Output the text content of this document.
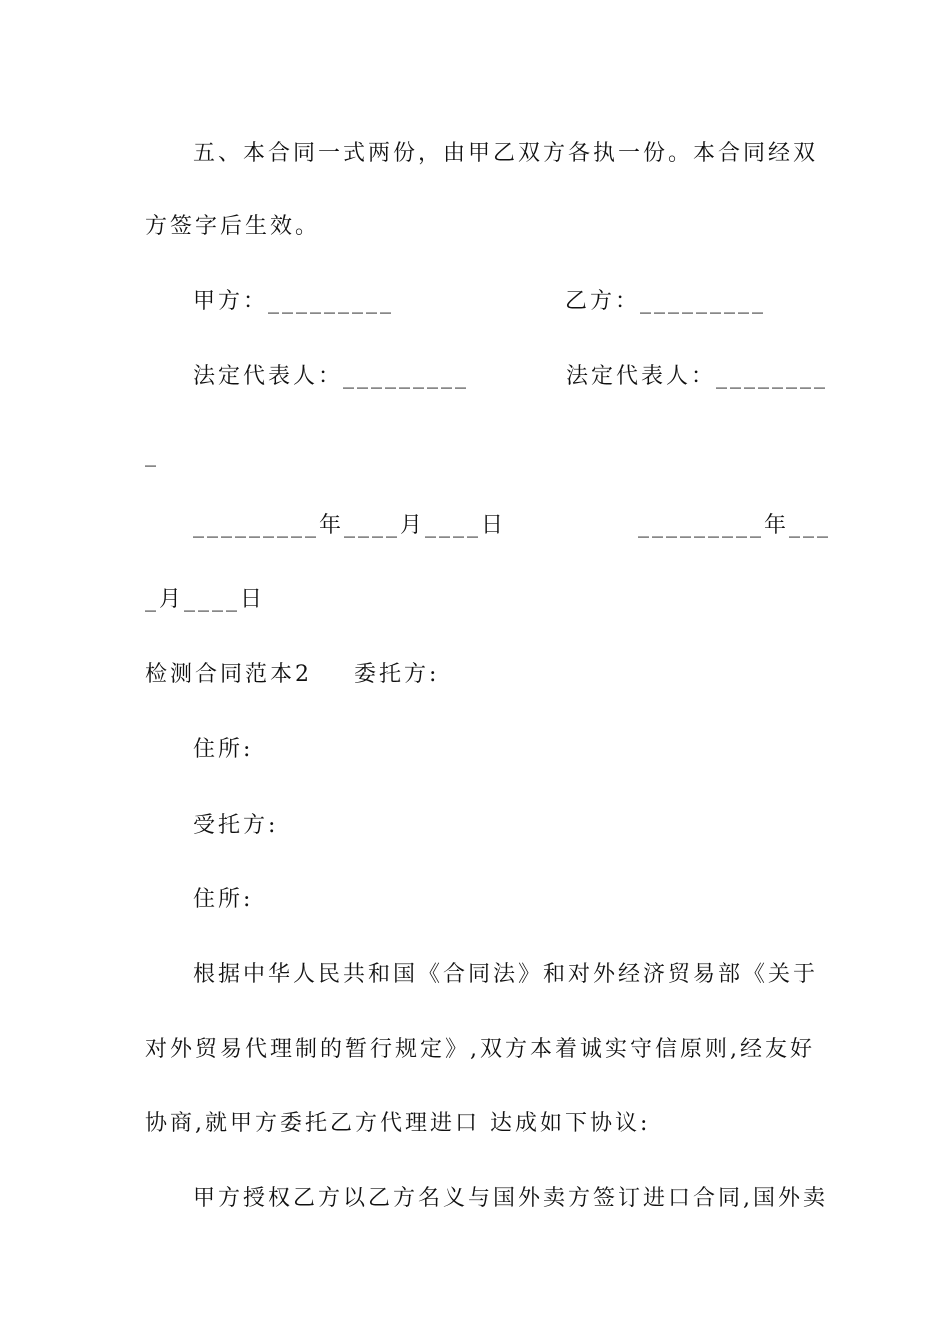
五、本合同一式两份，由甲乙双方各执一份。本合同经双
方签字后生效。
甲方：_________	乙方：_________
法定代表人：_________	法定代表人：________
_
_________年____月____日	_________年___
_月____日
检测合同范本2 委托方:
住所:
受托方:
住所:
根据中华人民共和国《合同法》和对外经济贸易部《关于
对外贸易代理制的暂行规定》,双方本着诚实守信原则,经友好
协商,就甲方委托乙方代理进口 达成如下协议:
甲方授权乙方以乙方名义与国外卖方签订进口合同,国外卖
